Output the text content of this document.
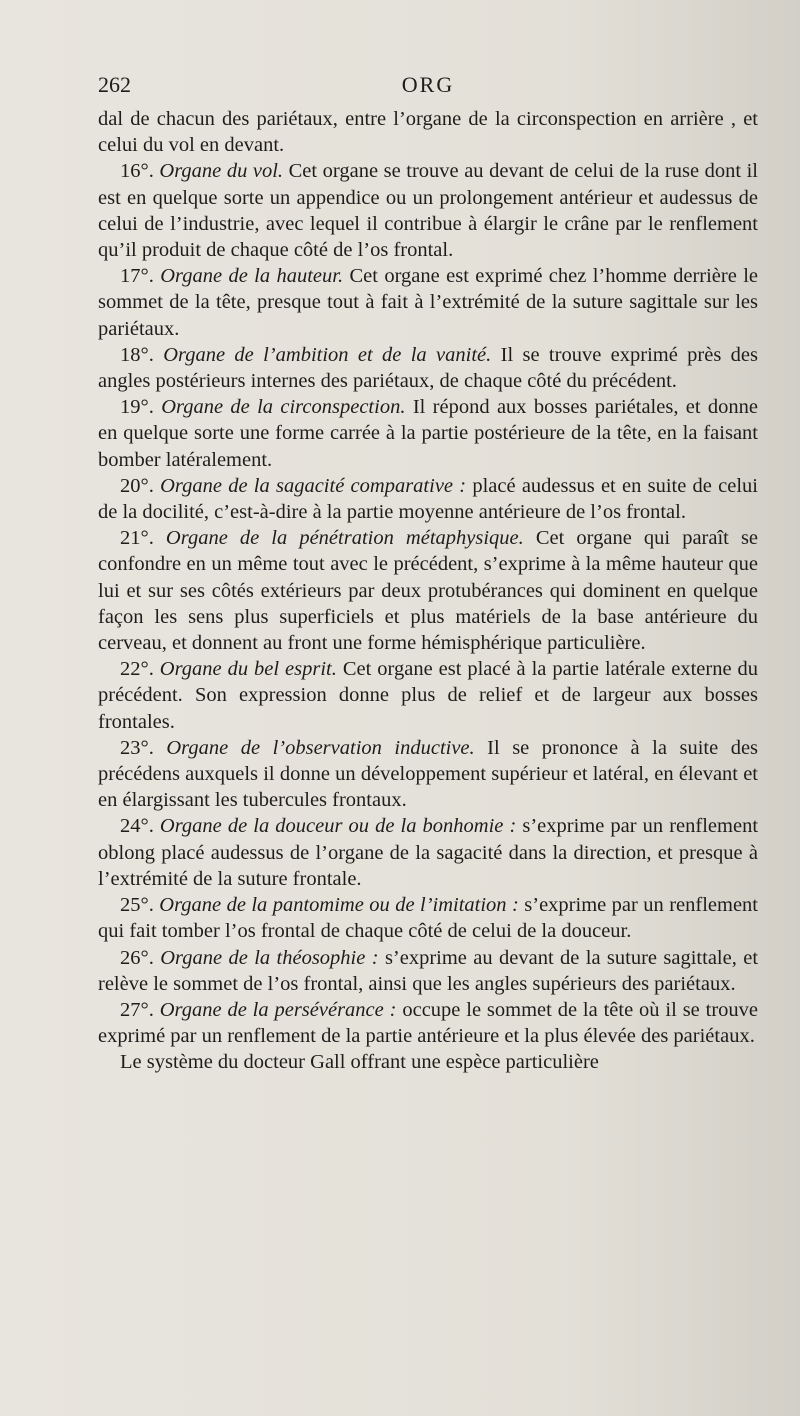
262	ORG

dal de chacun des pariétaux, entre l’organe de la circonspection en arrière , et celui du vol en devant.

16°. Organe du vol. Cet organe se trouve au devant de celui de la ruse dont il est en quelque sorte un appendice ou un prolongement antérieur et audessus de celui de l’industrie, avec lequel il contribue à élargir le crâne par le renflement qu’il produit de chaque côté de l’os frontal.

17°. Organe de la hauteur. Cet organe est exprimé chez l’homme derrière le sommet de la tête, presque tout à fait à l’extrémité de la suture sagittale sur les pariétaux.

18°. Organe de l’ambition et de la vanité. Il se trouve exprimé près des angles postérieurs internes des pariétaux, de chaque côté du précédent.

19°. Organe de la circonspection. Il répond aux bosses pariétales, et donne en quelque sorte une forme carrée à la partie postérieure de la tête, en la faisant bomber latéralement.

20°. Organe de la sagacité comparative : placé audessus et en suite de celui de la docilité, c’est-à-dire à la partie moyenne antérieure de l’os frontal.

21°. Organe de la pénétration métaphysique. Cet organe qui paraît se confondre en un même tout avec le précédent, s’exprime à la même hauteur que lui et sur ses côtés extérieurs par deux protubérances qui dominent en quelque façon les sens plus superficiels et plus matériels de la base antérieure du cerveau, et donnent au front une forme hémisphérique particulière.

22°. Organe du bel esprit. Cet organe est placé à la partie latérale externe du précédent. Son expression donne plus de relief et de largeur aux bosses frontales.

23°. Organe de l’observation inductive. Il se prononce à la suite des précédens auxquels il donne un développement supérieur et latéral, en élevant et en élargissant les tubercules frontaux.

24°. Organe de la douceur ou de la bonhomie : s’exprime par un renflement oblong placé audessus de l’organe de la sagacité dans la direction, et presque à l’extrémité de la suture frontale.

25°. Organe de la pantomime ou de l’imitation : s’exprime par un renflement qui fait tomber l’os frontal de chaque côté de celui de la douceur.

26°. Organe de la théosophie : s’exprime au devant de la suture sagittale, et relève le sommet de l’os frontal, ainsi que les angles supérieurs des pariétaux.

27°. Organe de la persévérance : occupe le sommet de la tête où il se trouve exprimé par un renflement de la partie antérieure et la plus élevée des pariétaux.

Le système du docteur Gall offrant une espèce particulière
